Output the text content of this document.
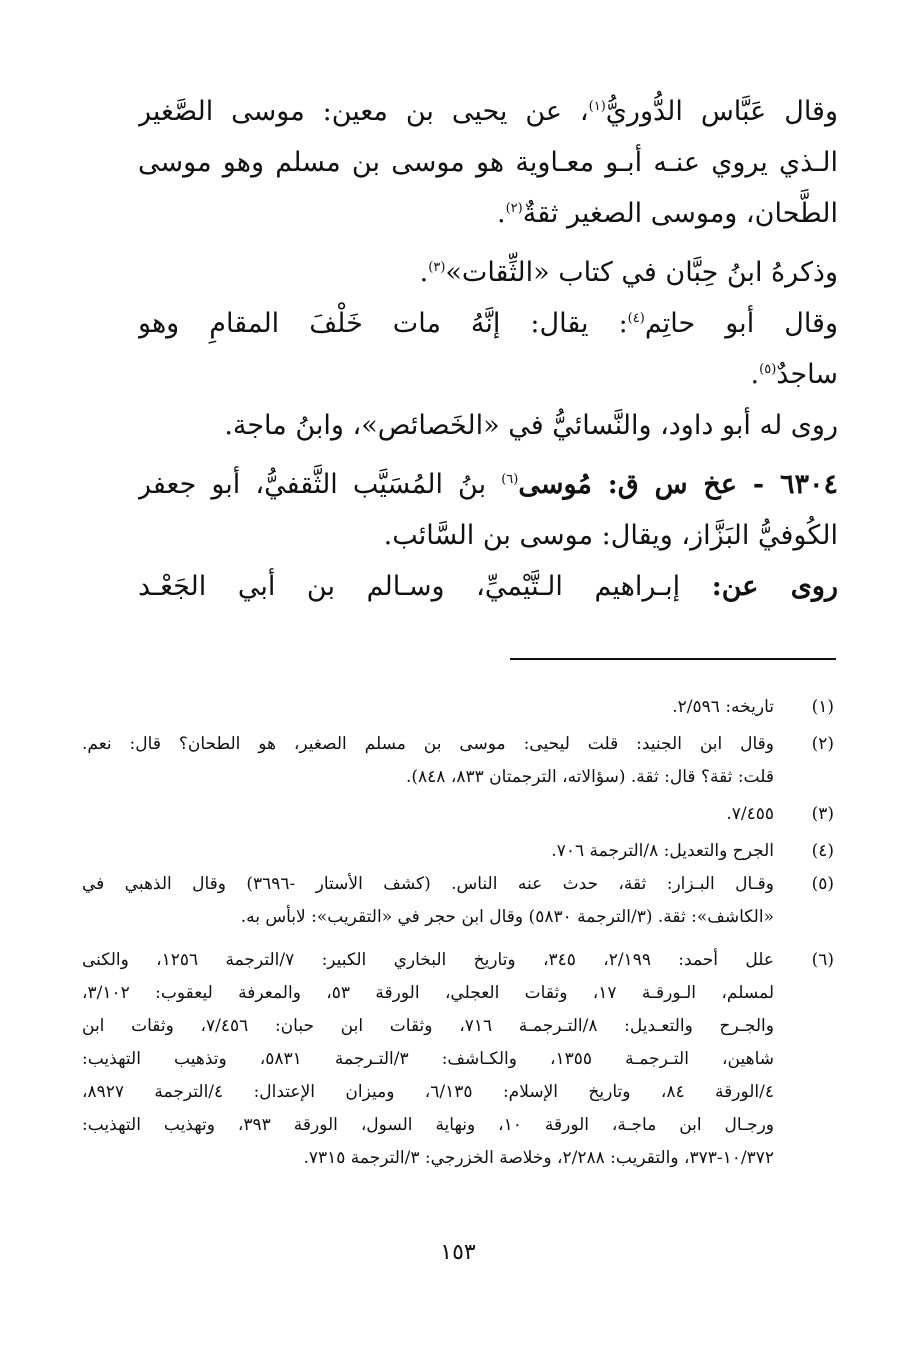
وقال عَبَّاس الدُّوريُّ$^{(١)}$، عن يحيى بن معين: موسى الصَّغير
الـذي يروي عنـه أبـو معـاوية هو موسى بن مسلم وهو موسى
الطَّحان، وموسى الصغير ثقةٌ$^{(٢)}$.
وذكرهُ ابنُ حِبَّان في كتاب «الثِّقات»$^{(٣)}$.
وقال أبو حاتِم$^{(٤)}$: يقال: إنَّهُ مات خَلْفَ المقامِ وهو
ساجدٌ$^{(٥)}$.
روى له أبو داود، والنَّسائيُّ في «الخَصائص»، وابنُ ماجة.
٦٣٠٤ - عخ س ق: مُوسى$^{(٦)}$ بنُ المُسَيَّب الثَّقفيُّ، أبو جعفر
الكُوفيُّ البَزَّاز، ويقال: موسى بن السَّائب.
روى عن: إبـراهيم الـتَّيْميِّ، وسـالم بن أبي الجَعْـد
(١)
تاريخه: ٢/٥٩٦.
(٢)
وقال ابن الجنيد: قلت ليحيى: موسى بن مسلم الصغير، هو الطحان؟ قال: نعم.
قلت: ثقة؟ قال: ثقة. (سؤالاته، الترجمتان ٨٣٣، ٨٤٨).
(٣)
٧/٤٥٥.
(٤)
الجرح والتعديل: ٨/الترجمة ٧٠٦.
(٥)
وقـال البـزار: ثقة، حدث عنه الناس. (كشف الأستار -٣٦٩٦) وقال الذهبي في
«الكاشف»: ثقة. (٣/الترجمة ٥٨٣٠) وقال ابن حجر في «التقريب»: لابأس به.
(٦)
علل أحمد: ٢/١٩٩، ٣٤٥، وتاريخ البخاري الكبير: ٧/الترجمة ١٢٥٦، والكنى
لمسلم، الـورقـة ١٧، وثقات العجلي، الورقة ٥٣، والمعرفة ليعقوب: ٣/١٠٢،
والجـرح والتعـديل: ٨/التـرجمـة ٧١٦، وثقات ابن حبان: ٧/٤٥٦، وثقات ابن
شاهين، التـرجمـة ١٣٥٥، والكـاشف: ٣/التـرجمة ٥٨٣١، وتذهيب التهذيب:
٤/الورقة ٨٤، وتاريخ الإسلام: ٦/١٣٥، وميزان الإعتدال: ٤/الترجمة ٨٩٢٧،
ورجـال ابن ماجـة، الورقة ١٠، ونهاية السول، الورقة ٣٩٣، وتهذيب التهذيب:
١٠/٣٧٢-٣٧٣، والتقريب: ٢/٢٨٨، وخلاصة الخزرجي: ٣/الترجمة ٧٣١٥.
١٥٣
